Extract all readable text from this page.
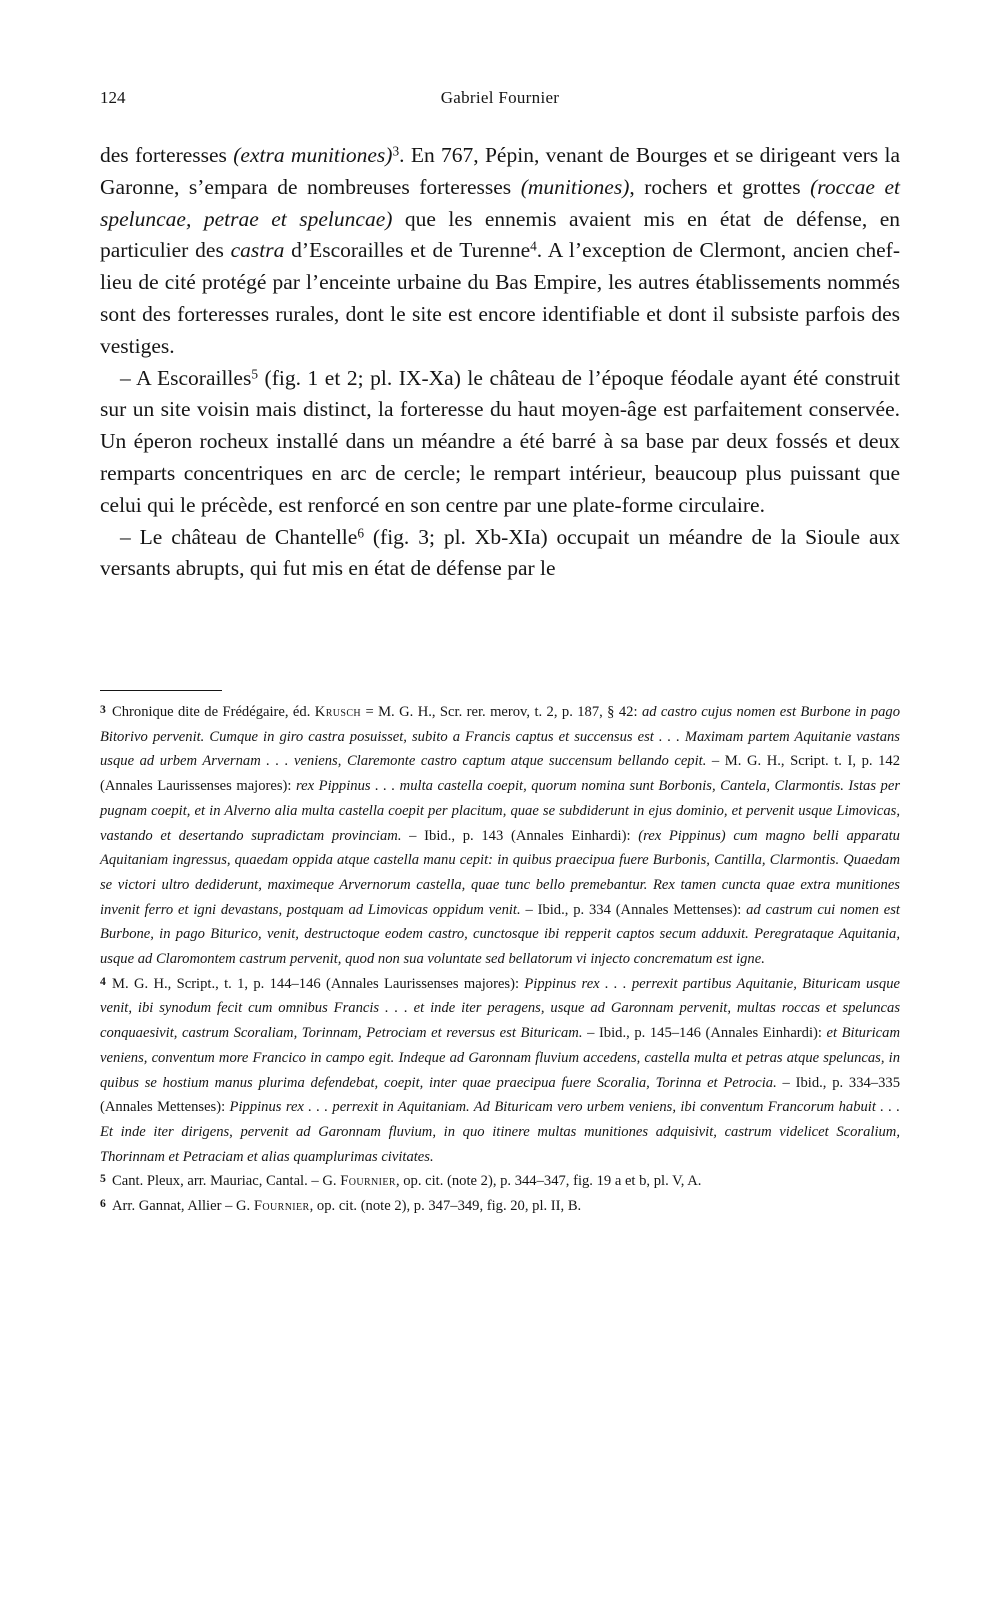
124	Gabriel Fournier

des forteresses (extra munitiones)$^3$. En 767, Pépin, venant de Bourges et se dirigeant vers la Garonne, s’empara de nombreuses forteresses (munitiones), rochers et grottes (roccae et speluncae, petrae et speluncae) que les ennemis avaient mis en état de défense, en particulier des castra d’Escorailles et de Turenne$^4$. A l’exception de Clermont, ancien chef-lieu de cité protégé par l’enceinte urbaine du Bas Empire, les autres établissements nommés sont des forteresses rurales, dont le site est encore identifiable et dont il subsiste parfois des vestiges.

– A Escorailles$^5$ (fig. 1 et 2; pl. IX-Xa) le château de l’époque féodale ayant été construit sur un site voisin mais distinct, la forteresse du haut moyen-âge est parfaitement conservée. Un éperon rocheux installé dans un méandre a été barré à sa base par deux fossés et deux remparts concentriques en arc de cercle; le rempart intérieur, beaucoup plus puissant que celui qui le précède, est renforcé en son centre par une plate-forme circulaire.

– Le château de Chantelle$^6$ (fig. 3; pl. Xb-XIa) occupait un méandre de la Sioule aux versants abrupts, qui fut mis en état de défense par le

3 Chronique dite de Frédégaire, éd. Krusch = M. G. H., Scr. rer. merov, t. 2, p. 187, § 42: ad castro cujus nomen est Burbone in pago Bitorivo pervenit. Cumque in giro castra posuisset, subito a Francis captus et succensus est . . . Maximam partem Aquitanie vastans usque ad urbem Arvernam . . . veniens, Claremonte castro captum atque succensum bellando cepit. – M. G. H., Script. t. I, p. 142 (Annales Laurissenses majores): rex Pippinus . . . multa castella coepit, quorum nomina sunt Borbonis, Cantela, Clarmontis. Istas per pugnam coepit, et in Alverno alia multa castella coepit per placitum, quae se subdiderunt in ejus dominio, et pervenit usque Limovicas, vastando et desertando supradictam provinciam. – Ibid., p. 143 (Annales Einhardi): (rex Pippinus) cum magno belli apparatu Aquitaniam ingressus, quaedam oppida atque castella manu cepit: in quibus praecipua fuere Burbonis, Cantilla, Clarmontis. Quaedam se victori ultro dediderunt, maximeque Arvernorum castella, quae tunc bello premebantur. Rex tamen cuncta quae extra munitiones invenit ferro et igni devastans, postquam ad Limovicas oppidum venit. – Ibid., p. 334 (Annales Mettenses): ad castrum cui nomen est Burbone, in pago Biturico, venit, destructoque eodem castro, cunctosque ibi repperit captos secum adduxit. Peregrataque Aquitania, usque ad Claromontem castrum pervenit, quod non sua voluntate sed bellatorum vi injecto concrematum est igne.

4 M. G. H., Script., t. 1, p. 144–146 (Annales Laurissenses majores): Pippinus rex . . . perrexit partibus Aquitanie, Bituricam usque venit, ibi synodum fecit cum omnibus Francis . . . et inde iter peragens, usque ad Garonnam pervenit, multas roccas et speluncas conquaesivit, castrum Scoraliam, Torinnam, Petrociam et reversus est Bituricam. – Ibid., p. 145–146 (Annales Einhardi): et Bituricam veniens, conventum more Francico in campo egit. Indeque ad Garonnam fluvium accedens, castella multa et petras atque speluncas, in quibus se hostium manus plurima defendebat, coepit, inter quae praecipua fuere Scoralia, Torinna et Petrocia. – Ibid., p. 334–335 (Annales Mettenses): Pippinus rex . . . perrexit in Aquitaniam. Ad Bituricam vero urbem veniens, ibi conventum Francorum habuit . . . Et inde iter dirigens, pervenit ad Garonnam fluvium, in quo itinere multas munitiones adquisivit, castrum videlicet Scoralium, Thorinnam et Petraciam et alias quamplurimas civitates.

5 Cant. Pleux, arr. Mauriac, Cantal. – G. Fournier, op. cit. (note 2), p. 344–347, fig. 19 a et b, pl. V, A.

6 Arr. Gannat, Allier – G. Fournier, op. cit. (note 2), p. 347–349, fig. 20, pl. II, B.
